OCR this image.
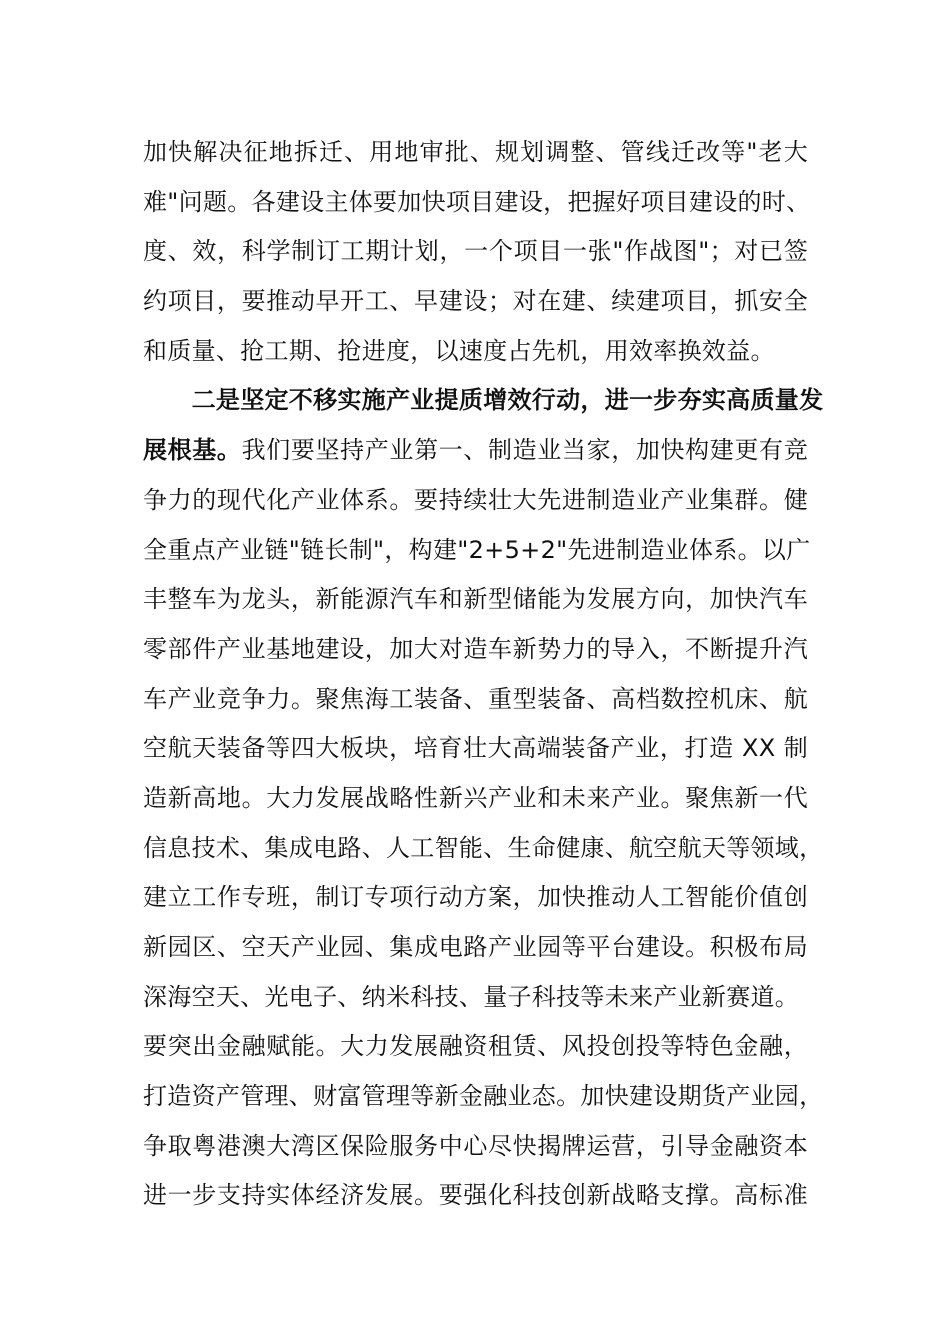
加快解决征地拆迁、用地审批、规划调整、管线迁改等"老大
难"问题。各建设主体要加快项目建设，把握好项目建设的时、
度、效，科学制订工期计划，一个项目一张"作战图"；对已签
约项目，要推动早开工、早建设；对在建、续建项目，抓安全
和质量、抢工期、抢进度，以速度占先机，用效率换效益。
　　二是坚定不移实施产业提质增效行动，进一步夯实高质量发
展根基。我们要坚持产业第一、制造业当家，加快构建更有竞
争力的现代化产业体系。要持续壮大先进制造业产业集群。健
全重点产业链"链长制"，构建"2+5+2"先进制造业体系。以广
丰整车为龙头，新能源汽车和新型储能为发展方向，加快汽车
零部件产业基地建设，加大对造车新势力的导入，不断提升汽
车产业竞争力。聚焦海工装备、重型装备、高档数控机床、航
空航天装备等四大板块，培育壮大高端装备产业，打造 XX 制
造新高地。大力发展战略性新兴产业和未来产业。聚焦新一代
信息技术、集成电路、人工智能、生命健康、航空航天等领域，
建立工作专班，制订专项行动方案，加快推动人工智能价值创
新园区、空天产业园、集成电路产业园等平台建设。积极布局
深海空天、光电子、纳米科技、量子科技等未来产业新赛道。
要突出金融赋能。大力发展融资租赁、风投创投等特色金融，
打造资产管理、财富管理等新金融业态。加快建设期货产业园，
争取粤港澳大湾区保险服务中心尽快揭牌运营，引导金融资本
进一步支持实体经济发展。要强化科技创新战略支撑。高标准
